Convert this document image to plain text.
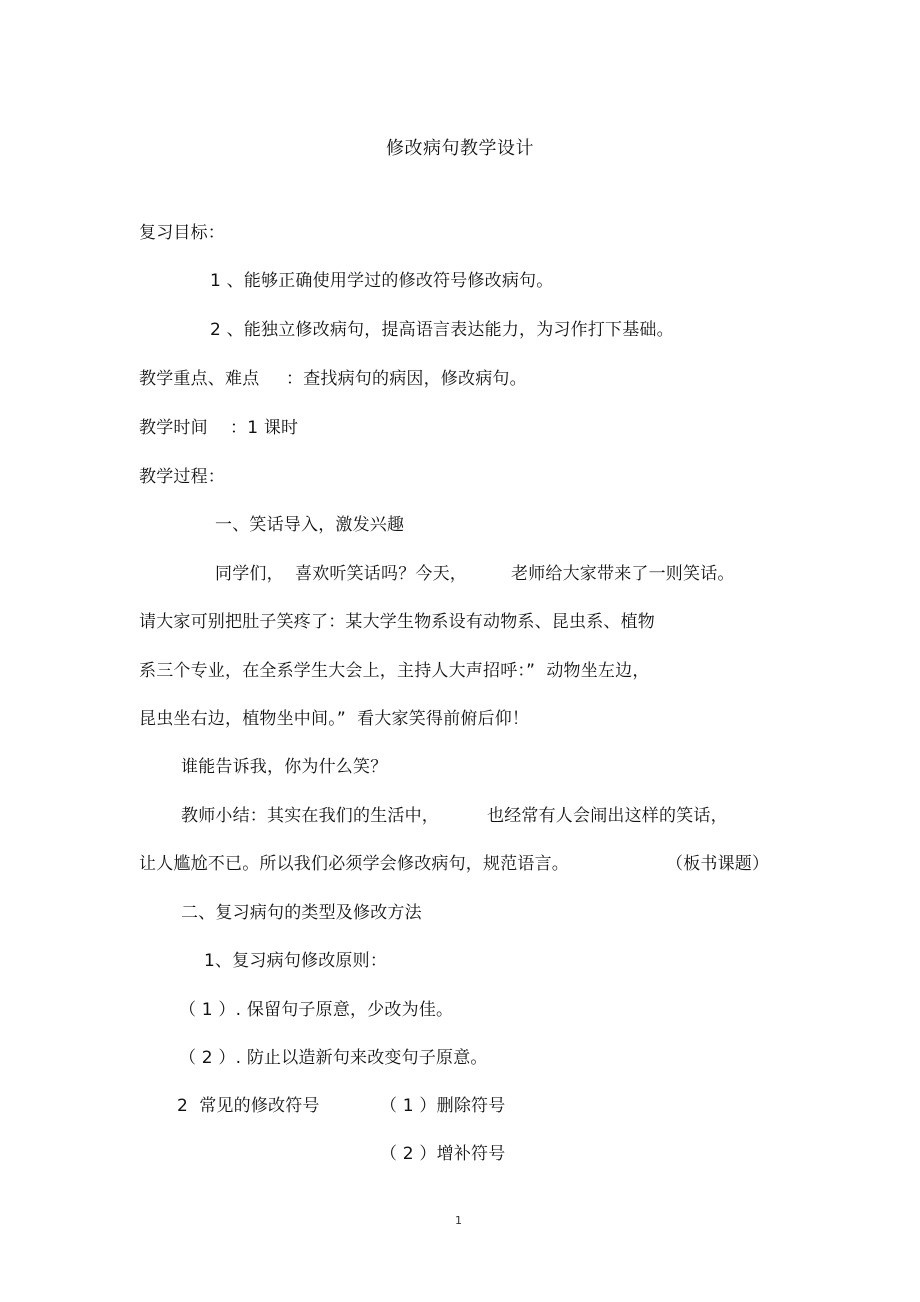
修改病句教学设计
复习目标：
1 、能够正确使用学过的修改符号修改病句。
2 、能独立修改病句，提高语言表达能力，为习作打下基础。
教学重点、难点 ：查找病句的病因，修改病句。
教学时间 ：1 课时
教学过程：
一、笑话导入，激发兴趣
同学们，  喜欢听笑话吗？今天，	老师给大家带来了一则笑话。
请大家可别把肚子笑疼了：某大学生物系设有动物系、昆虫系、植物
系三个专业，在全系学生大会上，主持人大声招呼：”  动物坐左边，
昆虫坐右边，植物坐中间。”  看大家笑得前俯后仰！
谁能告诉我，你为什么笑？
教师小结：其实在我们的生活中，	也经常有人会闹出这样的笑话，
让人尴尬不已。所以我们必须学会修改病句，规范语言。	（板书课题）
二、复习病句的类型及修改方法
1、复习病句修改原则：
（ 1 ）. 保留句子原意，少改为佳。
（ 2 ）. 防止以造新句来改变句子原意。
2  常见的修改符号	（ 1 ）删除符号
（ 2 ）增补符号
1
